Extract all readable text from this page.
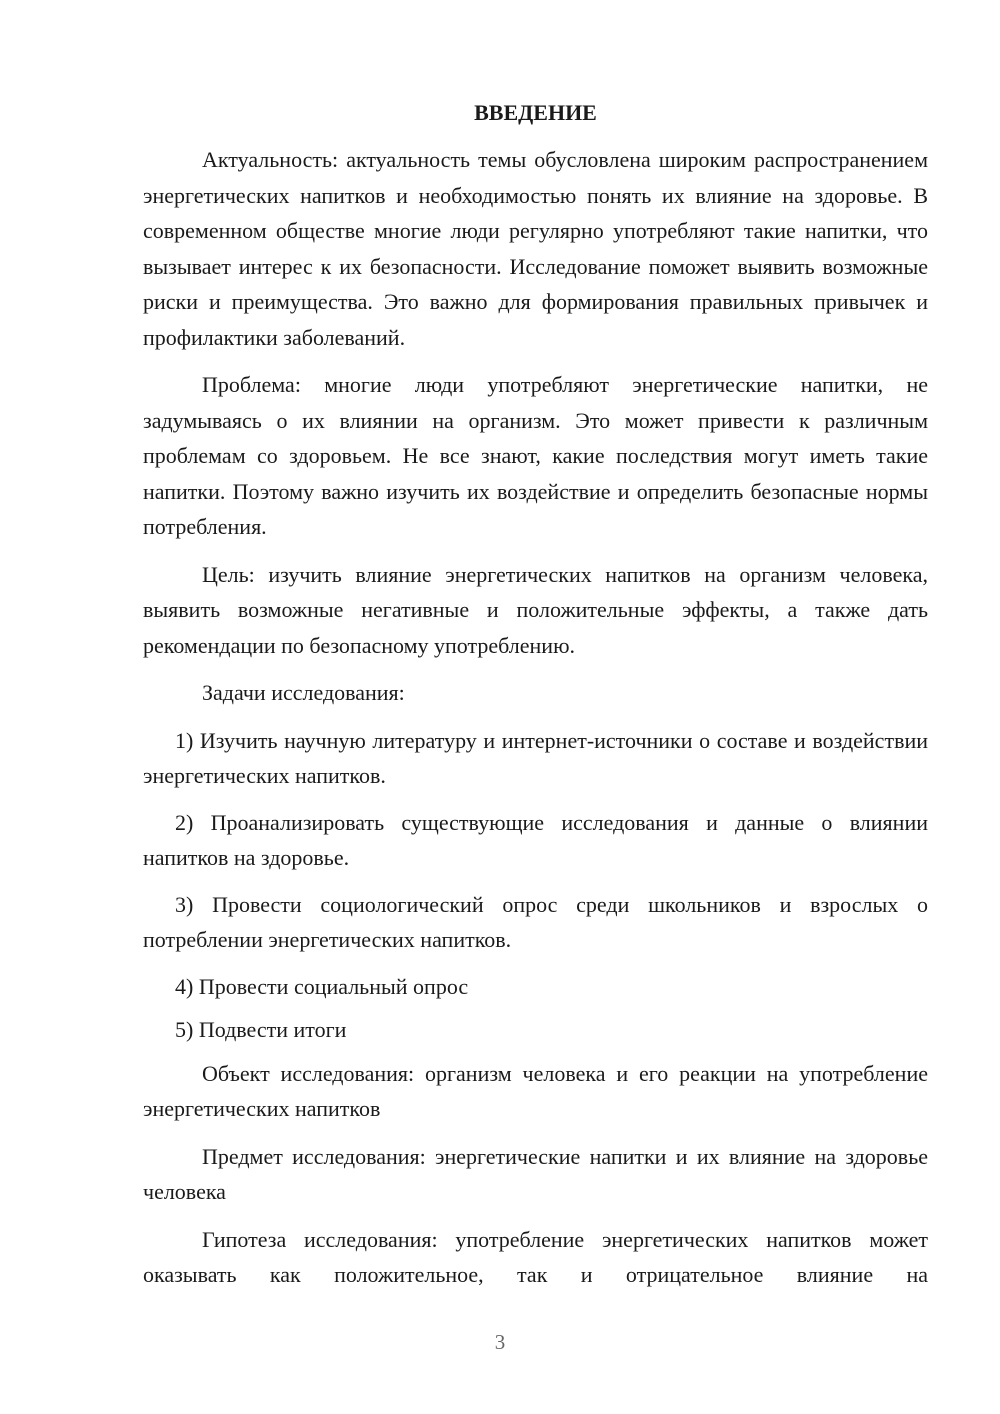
ВВЕДЕНИЕ

Актуальность: актуальность темы обусловлена широким распространением энергетических напитков и необходимостью понять их влияние на здоровье. В современном обществе многие люди регулярно употребляют такие напитки, что вызывает интерес к их безопасности. Исследование поможет выявить возможные риски и преимущества. Это важно для формирования правильных привычек и профилактики заболеваний.

Проблема: многие люди употребляют энергетические напитки, не задумываясь о их влиянии на организм. Это может привести к различным проблемам со здоровьем. Не все знают, какие последствия могут иметь такие напитки. Поэтому важно изучить их воздействие и определить безопасные нормы потребления.

Цель: изучить влияние энергетических напитков на организм человека, выявить возможные негативные и положительные эффекты, а также дать рекомендации по безопасному употреблению.

Задачи исследования:

1) Изучить научную литературу и интернет-источники о составе и воздействии энергетических напитков.

2) Проанализировать существующие исследования и данные о влиянии напитков на здоровье.

3) Провести социологический опрос среди школьников и взрослых о потреблении энергетических напитков.

4) Провести социальный опрос

5) Подвести итоги

Объект исследования: организм человека и его реакции на употребление энергетических напитков

Предмет исследования: энергетические напитки и их влияние на здоровье человека

Гипотеза исследования: употребление энергетических напитков может оказывать как положительное, так и отрицательное влияние на

3
